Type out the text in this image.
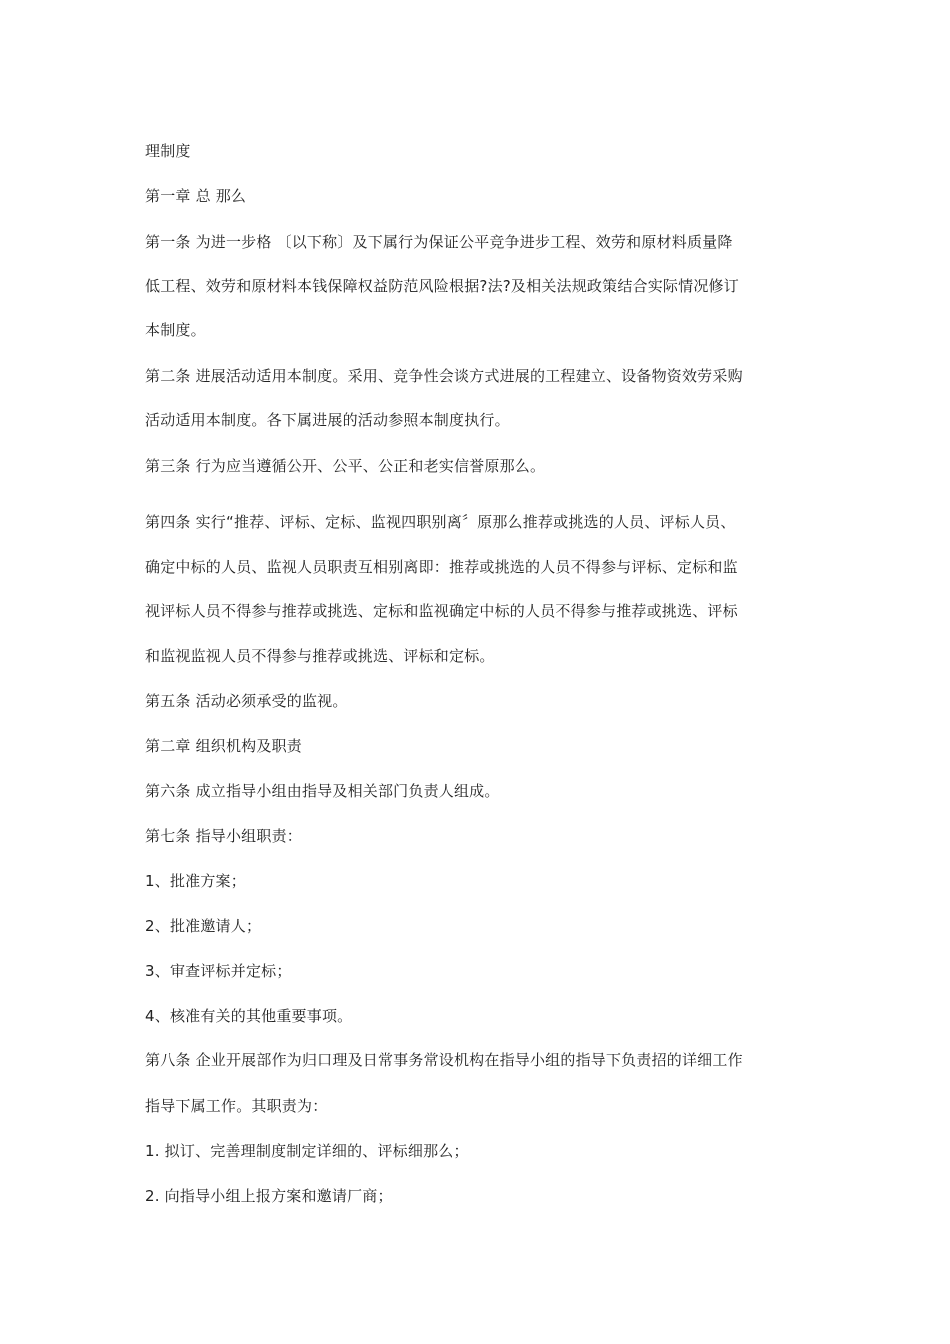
理制度
第一章 总 那么
第一条 为进一步格 〔以下称〕及下属行为保证公平竞争进步工程、效劳和原材料质量降
低工程、效劳和原材料本钱保障权益防范风险根据?法?及相关法规政策结合实际情况修订
本制度。
第二条 进展活动适用本制度。采用、竞争性会谈方式进展的工程建立、设备物资效劳采购
活动适用本制度。各下属进展的活动参照本制度执行。
第三条 行为应当遵循公开、公平、公正和老实信誉原那么。
第四条 实行“推荐、评标、定标、监视四职别离〞原那么推荐或挑选的人员、评标人员、
确定中标的人员、监视人员职责互相别离即：推荐或挑选的人员不得参与评标、定标和监
视评标人员不得参与推荐或挑选、定标和监视确定中标的人员不得参与推荐或挑选、评标
和监视监视人员不得参与推荐或挑选、评标和定标。
第五条 活动必须承受的监视。
第二章 组织机构及职责
第六条 成立指导小组由指导及相关部门负责人组成。
第七条 指导小组职责：
1、批准方案；
2、批准邀请人；
3、审查评标并定标；
4、核准有关的其他重要事项。
第八条 企业开展部作为归口理及日常事务常设机构在指导小组的指导下负责招的详细工作
指导下属工作。其职责为：
1. 拟订、完善理制度制定详细的、评标细那么；
2. 向指导小组上报方案和邀请厂商；
